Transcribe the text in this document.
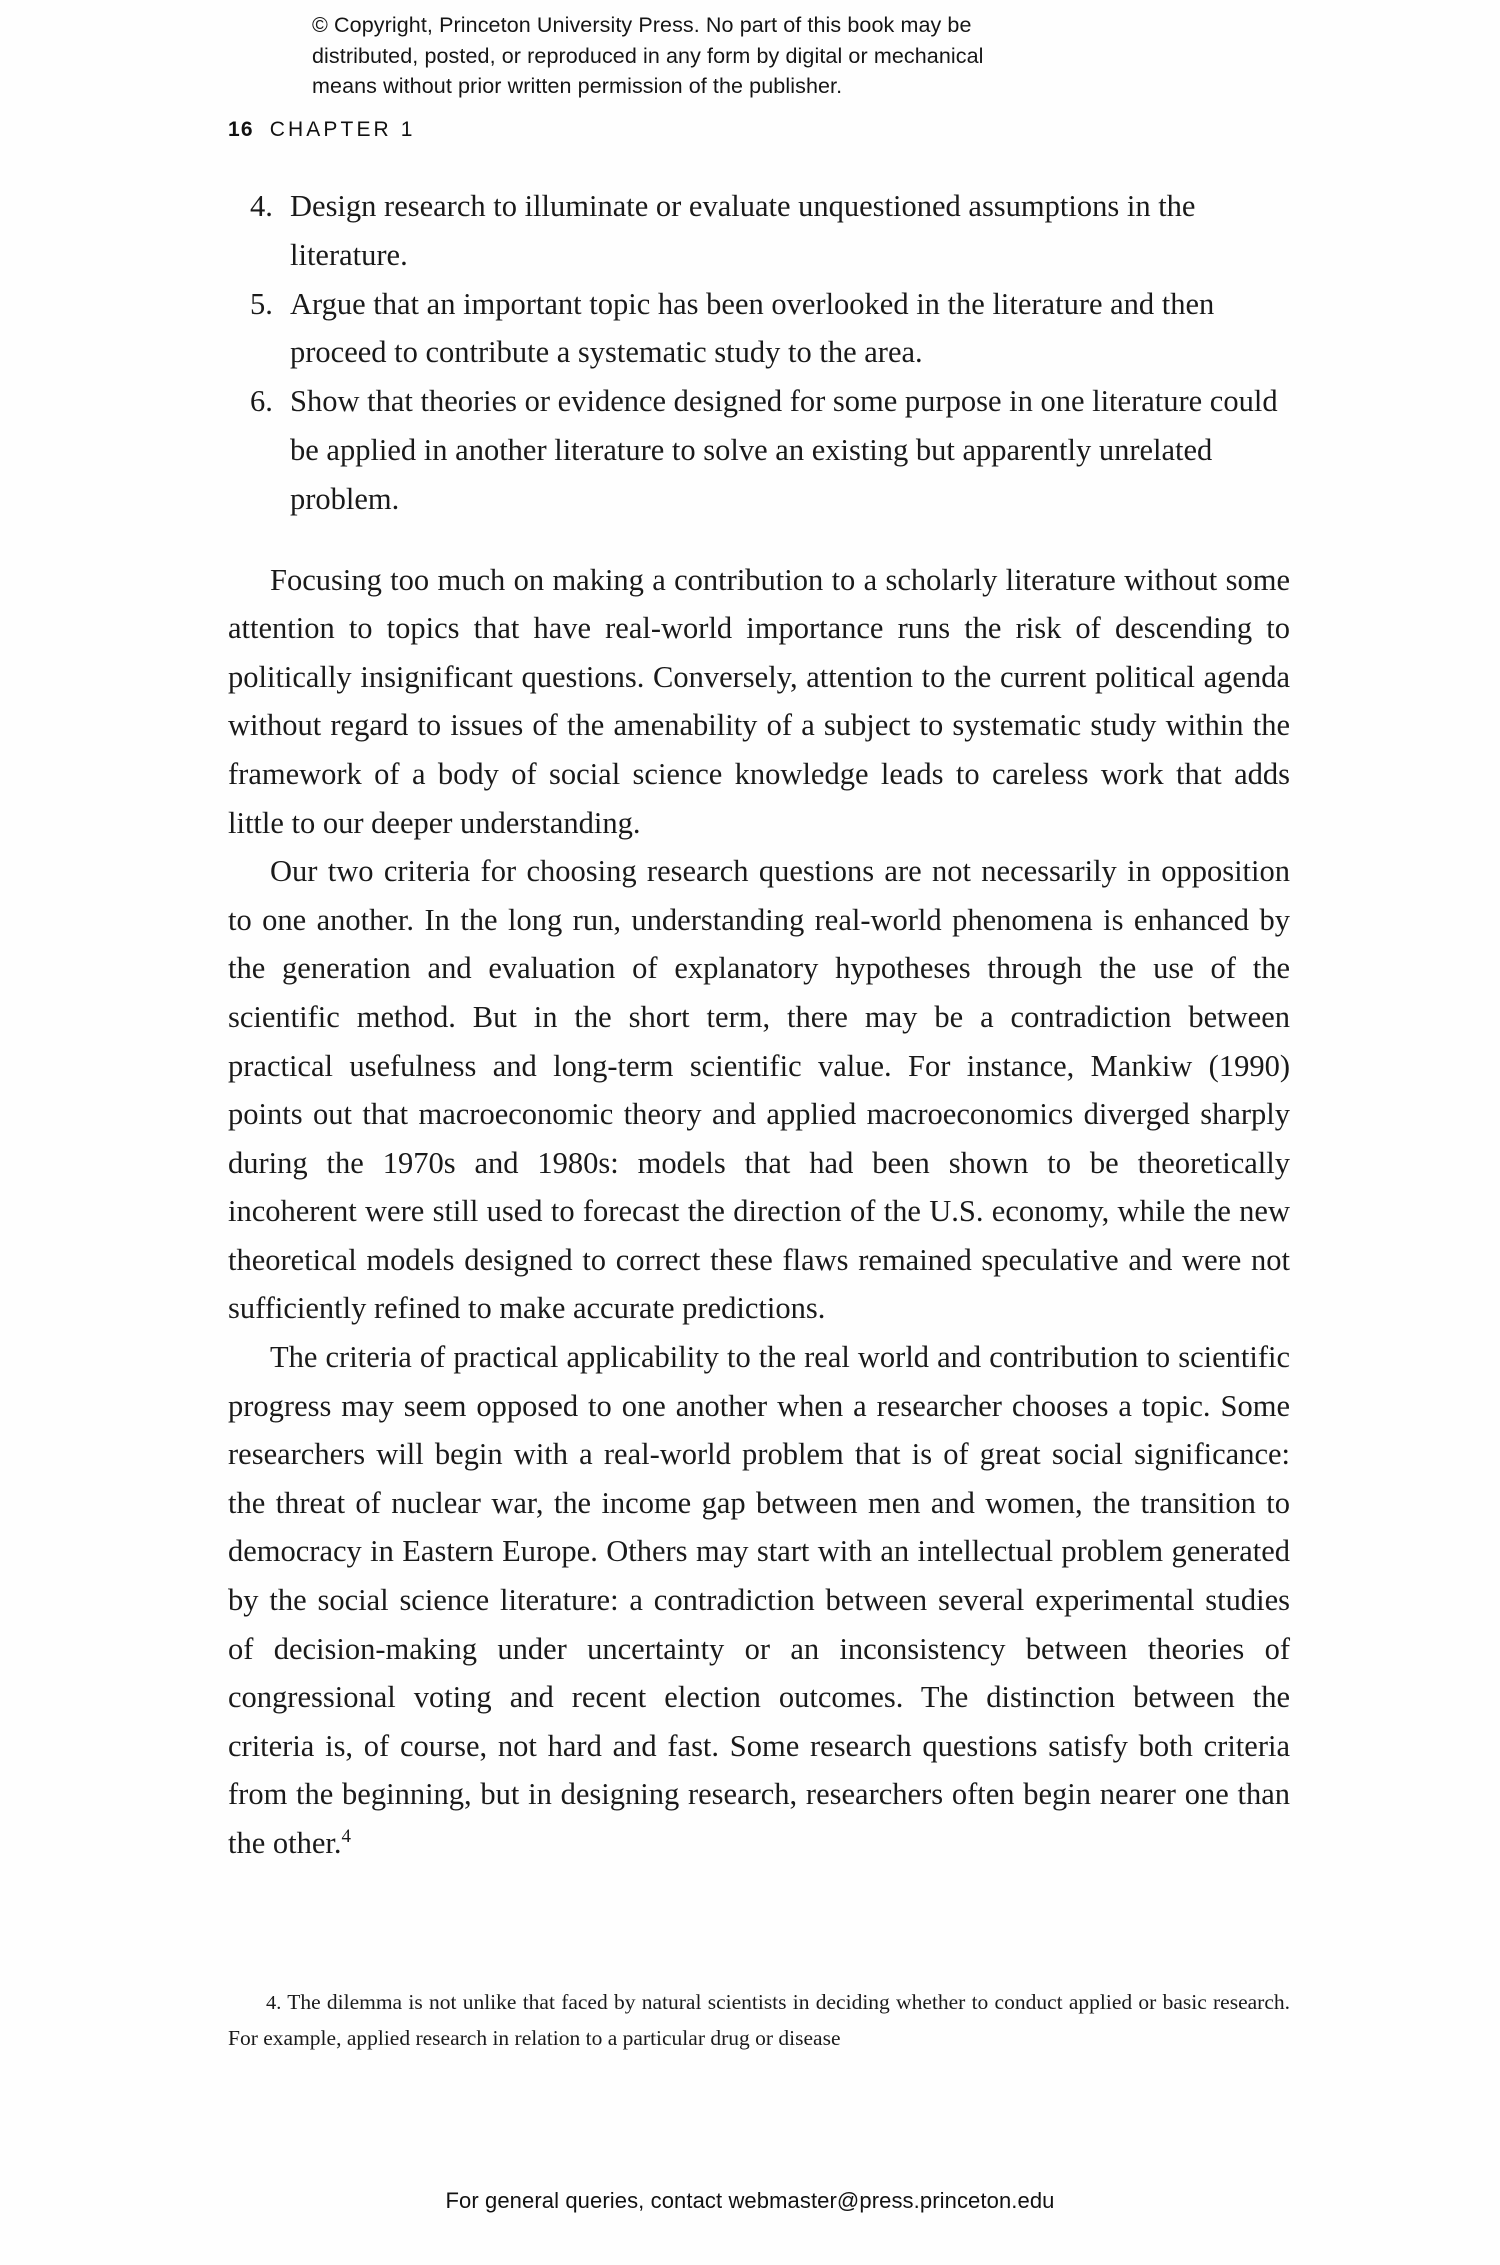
© Copyright, Princeton University Press. No part of this book may be
distributed, posted, or reproduced in any form by digital or mechanical
means without prior written permission of the publisher.
16 CHAPTER 1
4. Design research to illuminate or evaluate unquestioned assumptions in the literature.
5. Argue that an important topic has been overlooked in the literature and then proceed to contribute a systematic study to the area.
6. Show that theories or evidence designed for some purpose in one literature could be applied in another literature to solve an existing but apparently unrelated problem.

Focusing too much on making a contribution to a scholarly literature without some attention to topics that have real-world importance runs the risk of descending to politically insignificant questions. Conversely, attention to the current political agenda without regard to issues of the amenability of a subject to systematic study within the framework of a body of social science knowledge leads to careless work that adds little to our deeper understanding.

Our two criteria for choosing research questions are not necessarily in opposition to one another. In the long run, understanding real-world phenomena is enhanced by the generation and evaluation of explanatory hypotheses through the use of the scientific method. But in the short term, there may be a contradiction between practical usefulness and long-term scientific value. For instance, Mankiw (1990) points out that macroeconomic theory and applied macroeconomics diverged sharply during the 1970s and 1980s: models that had been shown to be theoretically incoherent were still used to forecast the direction of the U.S. economy, while the new theoretical models designed to correct these flaws remained speculative and were not sufficiently refined to make accurate predictions.

The criteria of practical applicability to the real world and contribution to scientific progress may seem opposed to one another when a researcher chooses a topic. Some researchers will begin with a real-world problem that is of great social significance: the threat of nuclear war, the income gap between men and women, the transition to democracy in Eastern Europe. Others may start with an intellectual problem generated by the social science literature: a contradiction between several experimental studies of decision-making under uncertainty or an inconsistency between theories of congressional voting and recent election outcomes. The distinction between the criteria is, of course, not hard and fast. Some research questions satisfy both criteria from the beginning, but in designing research, researchers often begin nearer one than the other.$^4$

4. The dilemma is not unlike that faced by natural scientists in deciding whether to conduct applied or basic research. For example, applied research in relation to a particular drug or disease

For general queries, contact webmaster@press.princeton.edu
